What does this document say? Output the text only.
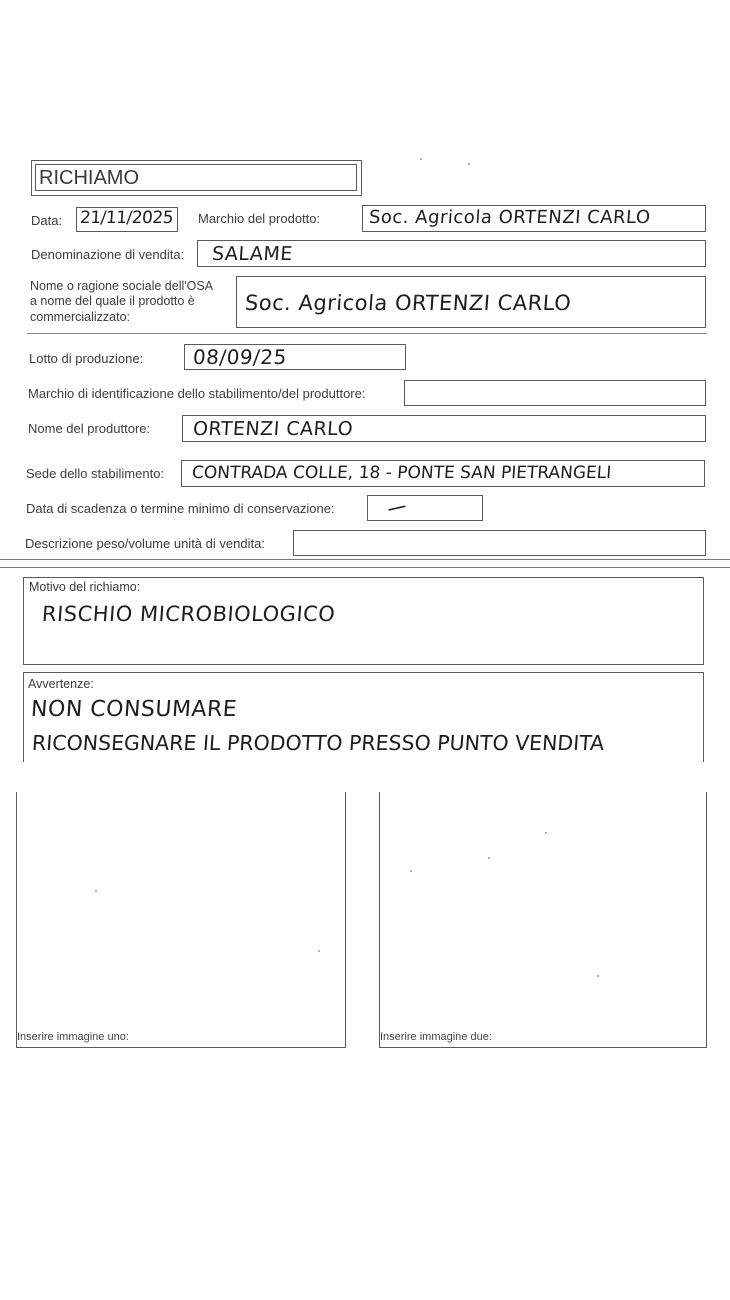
RICHIAMO
Data: 21/11/2025 Marchio del prodotto:	Soc. Agricola ORTENZI CARLO
Denominazione di vendita: SALAME
Nome o ragione sociale dell'OSA
a nome del quale il prodotto è
commercializzato:
Soc. Agricola ORTENZI CARLO
Lotto di produzione: 08/09/25
Marchio di identificazione dello stabilimento/del produttore:
Nome del produttore: ORTENZI CARLO
Sede dello stabilimento: CONTRADA COLLE, 18 - PONTE SAN PIETRANGELI
Data di scadenza o termine minimo di conservazione:	/
Descrizione peso/volume unità di vendita:
Motivo del richiamo:
RISCHIO MICROBIOLOGICO
Avvertenze:
NON CONSUMARE
RICONSEGNARE IL PRODOTTO PRESSO PUNTO VENDITA
Inserire immagine uno:	Inserire immagine due:
